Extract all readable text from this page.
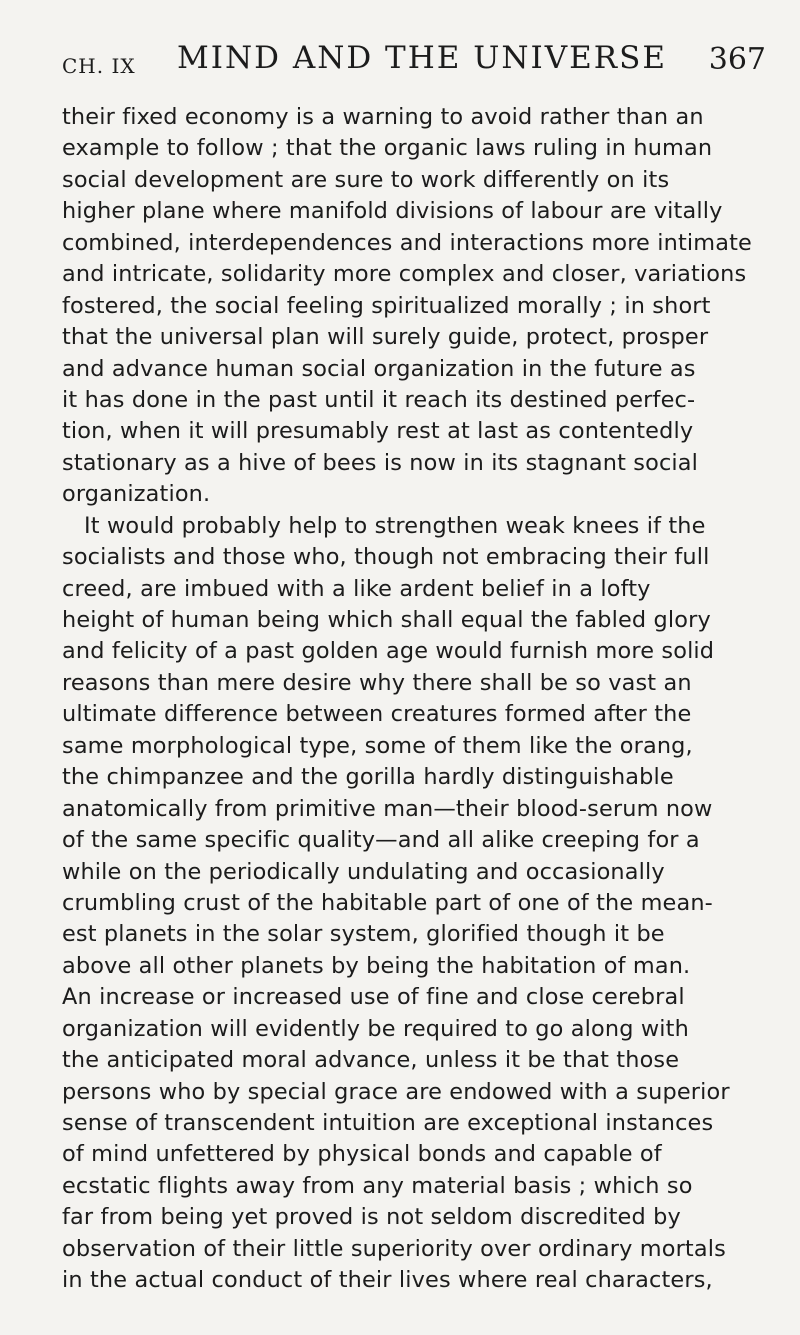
CH. IX MIND AND THE UNIVERSE 367
their fixed economy is a warning to avoid rather than an
example to follow ; that the organic laws ruling in human
social development are sure to work differently on its
higher plane where manifold divisions of labour are vitally
combined, interdependences and interactions more intimate
and intricate, solidarity more complex and closer, variations
fostered, the social feeling spiritualized morally ; in short
that the universal plan will surely guide, protect, prosper
and advance human social organization in the future as
it has done in the past until it reach its destined perfec-
tion, when it will presumably rest at last as contentedly
stationary as a hive of bees is now in its stagnant social
organization.
It would probably help to strengthen weak knees if the
socialists and those who, though not embracing their full
creed, are imbued with a like ardent belief in a lofty
height of human being which shall equal the fabled glory
and felicity of a past golden age would furnish more solid
reasons than mere desire why there shall be so vast an
ultimate difference between creatures formed after the
same morphological type, some of them like the orang,
the chimpanzee and the gorilla hardly distinguishable
anatomically from primitive man—their blood-serum now
of the same specific quality—and all alike creeping for a
while on the periodically undulating and occasionally
crumbling crust of the habitable part of one of the mean-
est planets in the solar system, glorified though it be
above all other planets by being the habitation of man.
An increase or increased use of fine and close cerebral
organization will evidently be required to go along with
the anticipated moral advance, unless it be that those
persons who by special grace are endowed with a superior
sense of transcendent intuition are exceptional instances
of mind unfettered by physical bonds and capable of
ecstatic flights away from any material basis ; which so
far from being yet proved is not seldom discredited by
observation of their little superiority over ordinary mortals
in the actual conduct of their lives where real characters,
